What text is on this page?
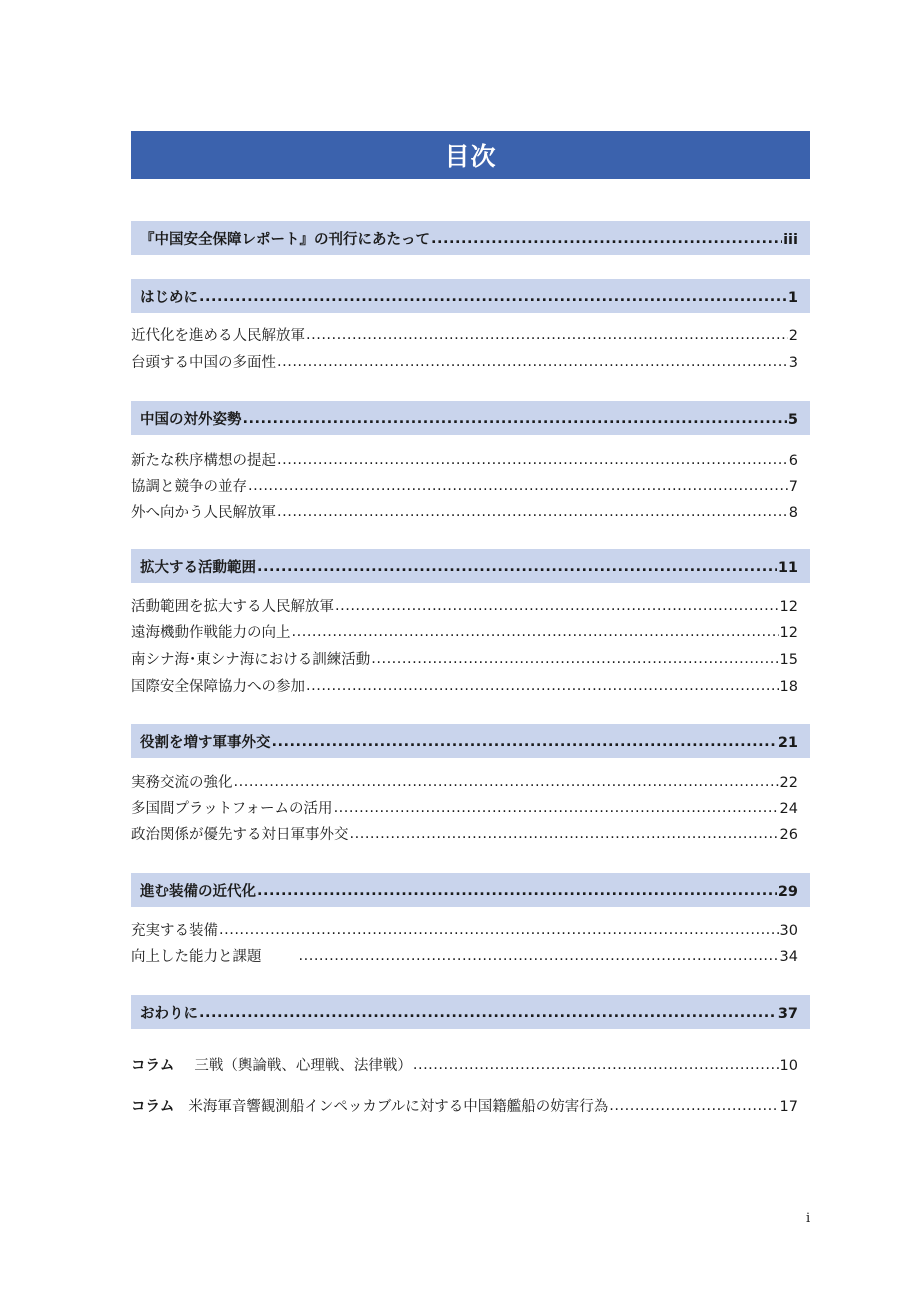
目次
『中国安全保障レポート』の刊行にあたって .....	iii
はじめに .....	1
近代化を進める人民解放軍 .....	2
台頭する中国の多面性 .....	3
中国の対外姿勢 .....	5
新たな秩序構想の提起 .....	6
協調と競争の並存 .....	7
外へ向かう人民解放軍 .....	8
拡大する活動範囲 .....	11
活動範囲を拡大する人民解放軍 .....	12
遠海機動作戦能力の向上 .....	12
南シナ海･東シナ海における訓練活動 .....	15
国際安全保障協力への参加 .....	18
役割を増す軍事外交 .....	21
実務交流の強化 .....	22
多国間プラットフォームの活用 .....	24
政治関係が優先する対日軍事外交 .....	26
進む装備の近代化 .....	29
充実する装備 .....	30
向上した能力と課題 .....	34
おわりに .....	37
コラム 三戦（輿論戦、心理戦、法律戦） .....	10
コラム 米海軍音響観測船インペッカブルに対する中国籍艦船の妨害行為 .....	17
i
